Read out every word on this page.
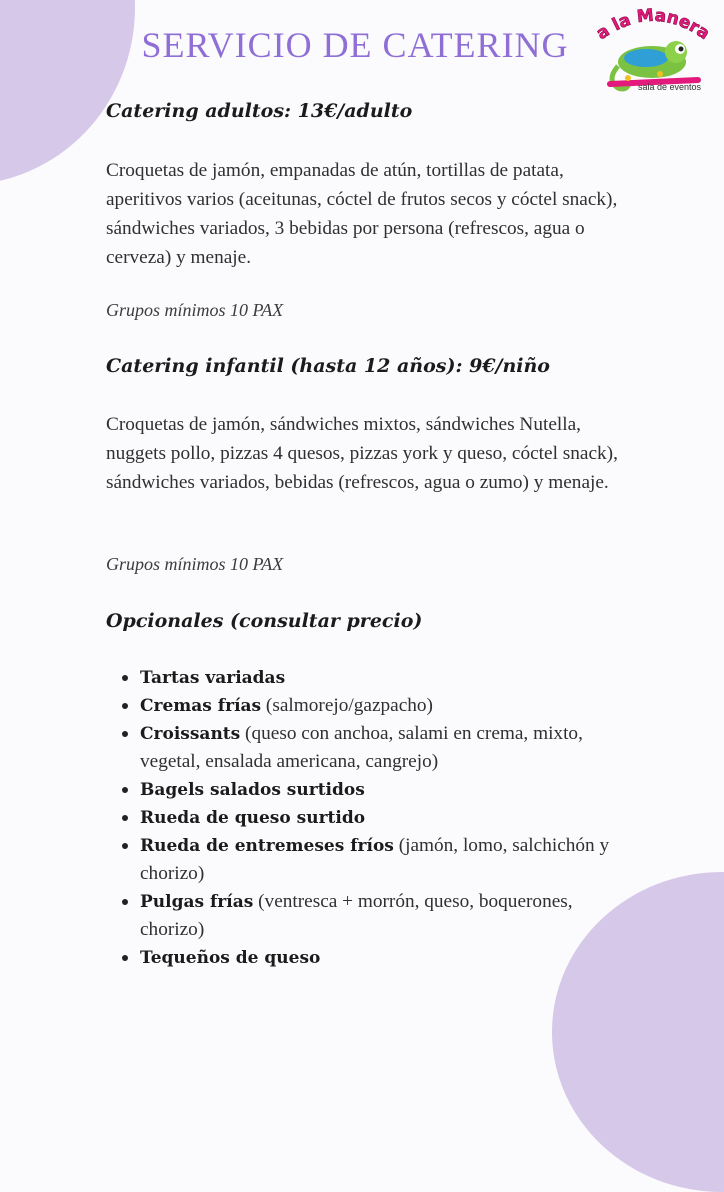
SERVICIO DE CATERING	a la Manera
sala de eventos
Catering adultos: 13€/adulto
Croquetas de jamón, empanadas de atún, tortillas de patata, aperitivos varios (aceitunas, cóctel de frutos secos y cóctel snack), sándwiches variados, 3 bebidas por persona (refrescos, agua o cerveza) y menaje.
Grupos mínimos 10 PAX
Catering infantil (hasta 12 años): 9€/niño
Croquetas de jamón, sándwiches mixtos, sándwiches Nutella, nuggets pollo, pizzas 4 quesos, pizzas york y queso, cóctel snack), sándwiches variados, bebidas (refrescos, agua o zumo) y menaje.
Grupos mínimos 10 PAX
Opcionales (consultar precio)
Tartas variadas
Cremas frías (salmorejo/gazpacho)
Croissants (queso con anchoa, salami en crema, mixto, vegetal, ensalada americana, cangrejo)
Bagels salados surtidos
Rueda de queso surtido
Rueda de entremeses fríos (jamón, lomo, salchichón y chorizo)
Pulgas frías (ventresca + morrón, queso, boquerones, chorizo)
Tequeños de queso
